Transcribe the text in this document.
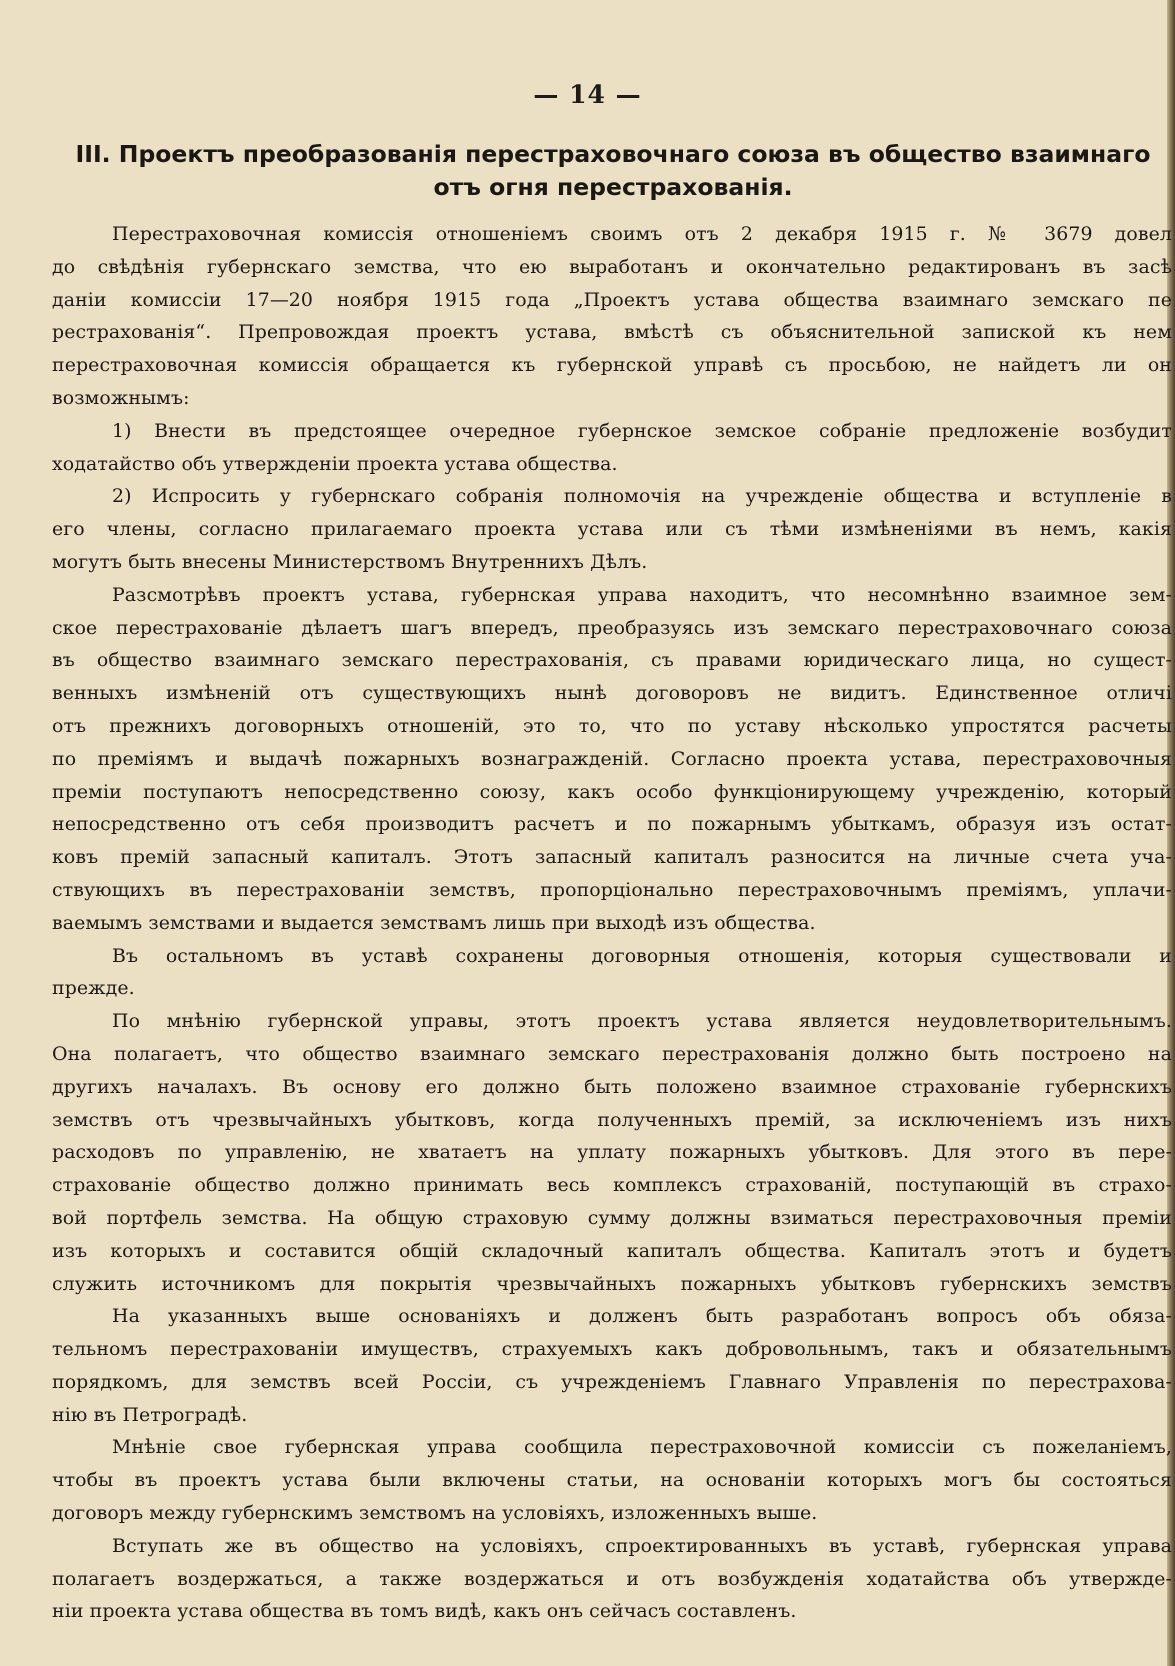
— 14 —
III. Проектъ преобразованія перестраховочнаго союза въ общество взаимнаго
отъ огня перестрахованія.
Перестраховочная комиссія отношеніемъ своимъ отъ 2 декабря 1915 г. № 3679 довел
до свѣдѣнія губернскаго земства, что ею выработанъ и окончательно редактированъ въ засѣ
даніи комиссіи 17—20 ноября 1915 года „Проектъ устава общества взаимнаго земскаго пе
рестрахованія“. Препровождая проектъ устава, вмѣстѣ съ объяснительной запиской къ нем
перестраховочная комиссія обращается къ губернской управѣ съ просьбою, не найдетъ ли он
возможнымъ:
1) Внести въ предстоящее очередное губернское земское собраніе предложеніе возбудит
ходатайство объ утвержденіи проекта устава общества.
2) Испросить у губернскаго собранія полномочія на учрежденіе общества и вступленіе в
его члены, согласно прилагаемаго проекта устава или съ тѣми измѣненіями въ немъ, какія
могутъ быть внесены Министерствомъ Внутреннихъ Дѣлъ.
Разсмотрѣвъ проектъ устава, губернская управа находитъ, что несомнѣнно взаимное зем-
ское перестрахованіе дѣлаетъ шагъ впередъ, преобразуясь изъ земскаго перестраховочнаго союза
въ общество взаимнаго земскаго перестрахованія, съ правами юридическаго лица, но сущест-
венныхъ измѣненій отъ существующихъ нынѣ договоровъ не видитъ. Единственное отличі
отъ прежнихъ договорныхъ отношеній, это то, что по уставу нѣсколько упростятся расчеты
по преміямъ и выдачѣ пожарныхъ вознагражденій. Согласно проекта устава, перестраховочныя
преміи поступаютъ непосредственно союзу, какъ особо функціонирующему учрежденію, который
непосредственно отъ себя производитъ расчетъ и по пожарнымъ убыткамъ, образуя изъ остат-
ковъ премій запасный капиталъ. Этотъ запасный капиталъ разносится на личные счета уча-
ствующихъ въ перестрахованіи земствъ, пропорціонально перестраховочнымъ преміямъ, уплачи-
ваемымъ земствами и выдается земствамъ лишь при выходѣ изъ общества.
Въ остальномъ въ уставѣ сохранены договорныя отношенія, которыя существовали и
прежде.
По мнѣнію губернской управы, этотъ проектъ устава является неудовлетворительнымъ.
Она полагаетъ, что общество взаимнаго земскаго перестрахованія должно быть построено на
другихъ началахъ. Въ основу его должно быть положено взаимное страхованіе губернскихъ
земствъ отъ чрезвычайныхъ убытковъ, когда полученныхъ премій, за исключеніемъ изъ нихъ
расходовъ по управленію, не хватаетъ на уплату пожарныхъ убытковъ. Для этого въ пере-
страхованіе общество должно принимать весь комплексъ страхованій, поступающій въ страхо-
вой портфель земства. На общую страховую сумму должны взиматься перестраховочныя преміи
изъ которыхъ и составится общій складочный капиталъ общества. Капиталъ этотъ и будетъ
служить источникомъ для покрытія чрезвычайныхъ пожарныхъ убытковъ губернскихъ земствъ
На указанныхъ выше основаніяхъ и долженъ быть разработанъ вопросъ объ обяза-
тельномъ перестрахованіи имуществъ, страхуемыхъ какъ добровольнымъ, такъ и обязательнымъ
порядкомъ, для земствъ всей Россіи, съ учрежденіемъ Главнаго Управленія по перестрахова-
нію въ Петроградѣ.
Мнѣніе свое губернская управа сообщила перестраховочной комиссіи съ пожеланіемъ,
чтобы въ проектъ устава были включены статьи, на основаніи которыхъ могъ бы состояться
договоръ между губернскимъ земствомъ на условіяхъ, изложенныхъ выше.
Вступать же въ общество на условіяхъ, спроектированныхъ въ уставѣ, губернская управа
полагаетъ воздержаться, а также воздержаться и отъ возбужденія ходатайства объ утвержде-
ніи проекта устава общества въ томъ видѣ, какъ онъ сейчасъ составленъ.
